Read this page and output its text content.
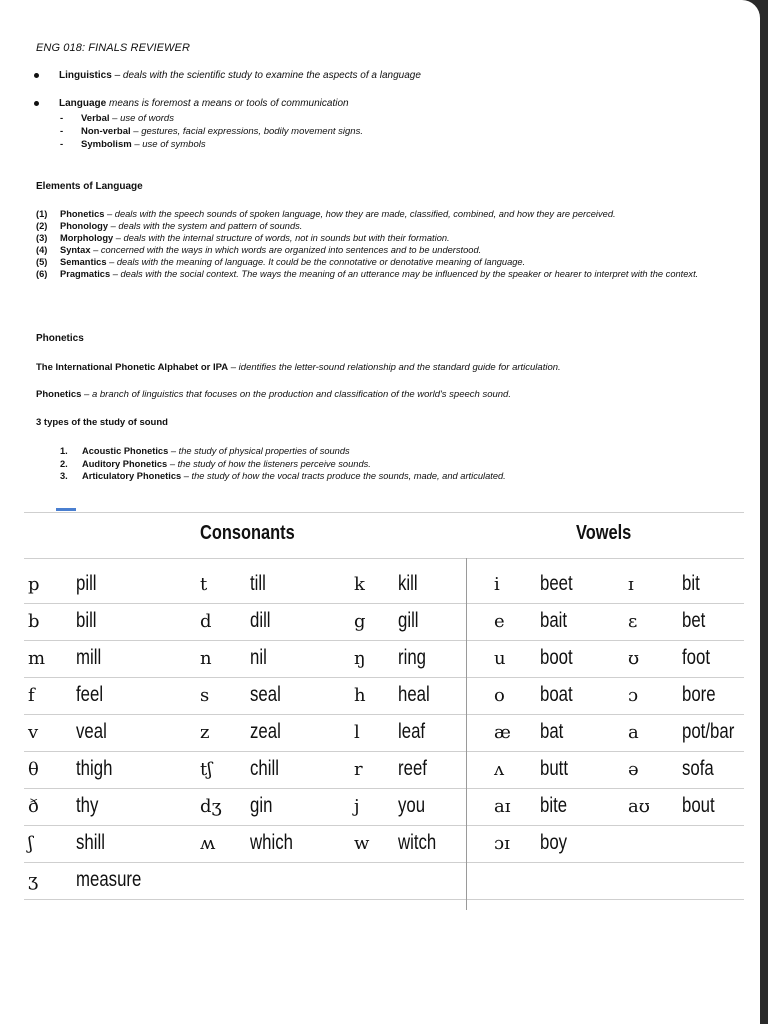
ENG 018: FINALS REVIEWER
Linguistics – deals with the scientific study to examine the aspects of a language
Language means is foremost a means or tools of communication
- Verbal – use of words
- Non-verbal – gestures, facial expressions, bodily movement signs.
- Symbolism – use of symbols
Elements of Language
(1) Phonetics – deals with the speech sounds of spoken language, how they are made, classified, combined, and how they are perceived.
(2) Phonology – deals with the system and pattern of sounds.
(3) Morphology – deals with the internal structure of words, not in sounds but with their formation.
(4) Syntax – concerned with the ways in which words are organized into sentences and to be understood.
(5) Semantics – deals with the meaning of language. It could be the connotative or denotative meaning of language.
(6) Pragmatics – deals with the social context. The ways the meaning of an utterance may be influenced by the speaker or hearer to interpret with the context.
Phonetics
The International Phonetic Alphabet or IPA – identifies the letter-sound relationship and the standard guide for articulation.
Phonetics – a branch of linguistics that focuses on the production and classification of the world's speech sound.
3 types of the study of sound
1. Acoustic Phonetics – the study of physical properties of sounds
2. Auditory Phonetics – the study of how the listeners perceive sounds.
3. Articulatory Phonetics – the study of how the vocal tracts produce the sounds, made, and articulated.
Consonants	Vowels
p pill	t till	k kill
b bill	d dill	g gill
m mill	n nil	ŋ ring
f feel	s seal	h heal
v veal	z zeal	l leaf
θ thigh	tʃ chill	r reef
ð thy	dʒ gin	j you
ʃ shill	ʍ which	w witch
ʒ measure
i beet	ɪ bit
e bait	ɛ bet
u boot	ʊ foot
o boat	ɔ bore
æ bat	a pot/bar
ʌ butt	ə sofa
aɪ bite	aʊ bout
ɔɪ boy
